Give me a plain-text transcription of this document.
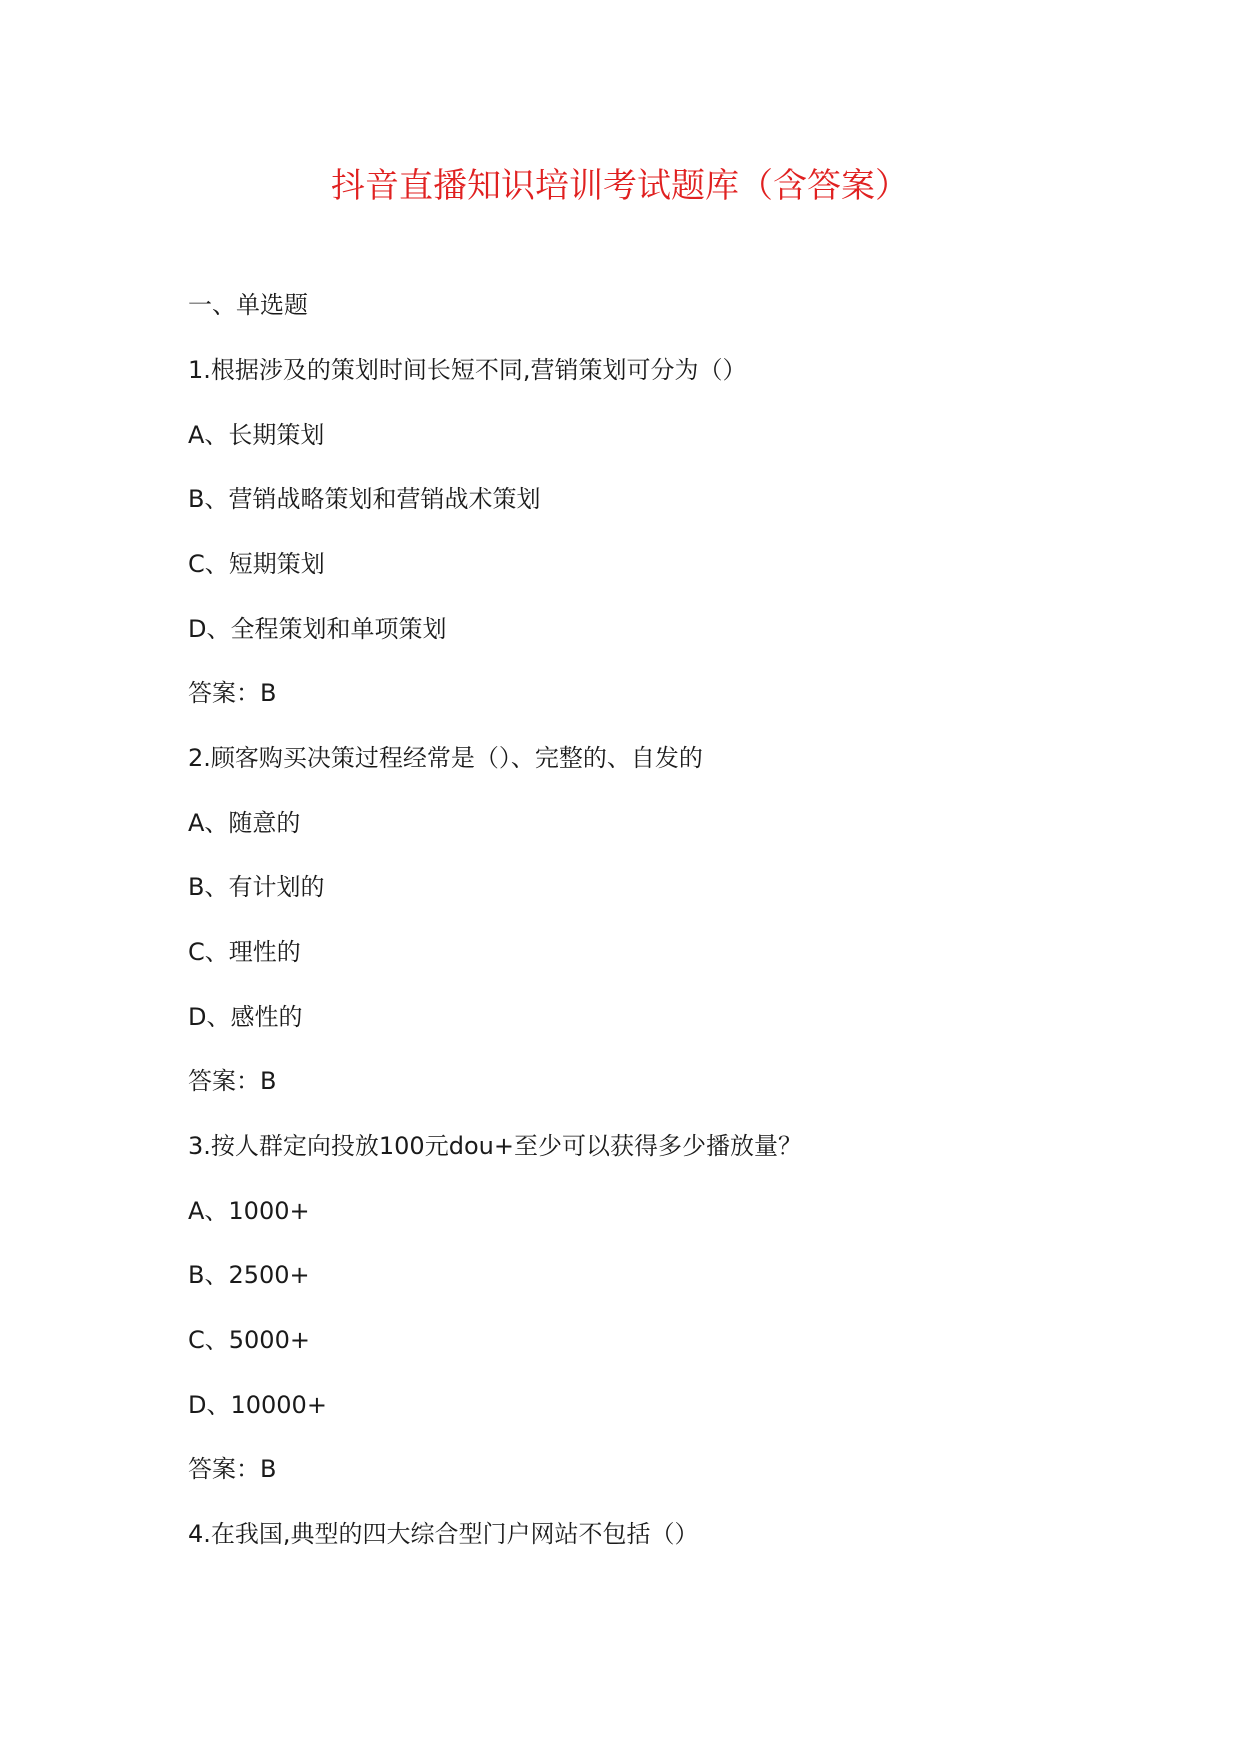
抖音直播知识培训考试题库（含答案）

一、单选题

1.根据涉及的策划时间长短不同,营销策划可分为（）

A、长期策划

B、营销战略策划和营销战术策划

C、短期策划

D、全程策划和单项策划

答案：B

2.顾客购买决策过程经常是（）、完整的、自发的

A、随意的

B、有计划的

C、理性的

D、感性的

答案：B

3.按人群定向投放100元dou+至少可以获得多少播放量？

A、1000+

B、2500+

C、5000+

D、10000+

答案：B

4.在我国,典型的四大综合型门户网站不包括（）
